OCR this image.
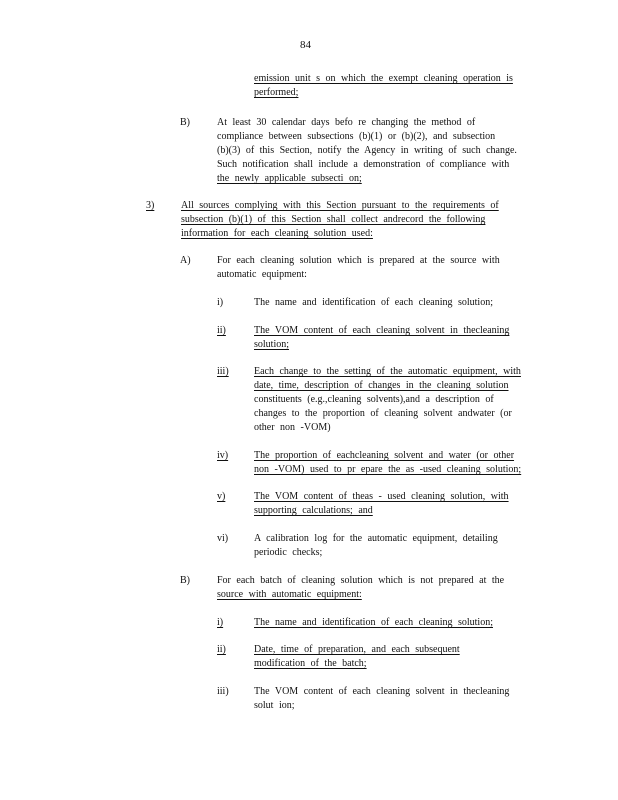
84
emission unit s on which the exempt cleaning operation is
performed;
B)	At least 30 calendar days befo re changing the method of
compliance between subsections (b)(1) or (b)(2), and subsection
(b)(3) of this Section, notify the Agency in writing of such change.
Such notification shall include a demonstration of compliance with
the newly applicable subsecti on;
3)	All sources complying with this Section pursuant to the requirements of
subsection (b)(1) of this Section shall collect andrecord the following
information for each cleaning solution used:
A)	For each cleaning solution which is prepared at the source with
automatic equipment:
i)	The name and identification of each cleaning solution;
ii)	The VOM content of each cleaning solvent in thecleaning
solution;
iii)	Each change to the setting of the automatic equipment, with
date, time, description of changes in the cleaning solution
constituents (e.g.,cleaning solvents),and a description of
changes to the proportion of cleaning solvent andwater (or
other non -VOM)
iv)	The proportion of eachcleaning solvent and water (or other
non -VOM) used to pr epare the as -used cleaning solution;
v)	The VOM content of theas - used cleaning solution, with
supporting calculations; and
vi)	A calibration log for the automatic equipment, detailing
periodic checks;
B)	For each batch of cleaning solution which is not prepared at the
source with automatic equipment:
i)	The name and identification of each cleaning solution;
ii)	Date, time of preparation, and each subsequent
modification of the batch;
iii)	The VOM content of each cleaning solvent in thecleaning
solut ion;
